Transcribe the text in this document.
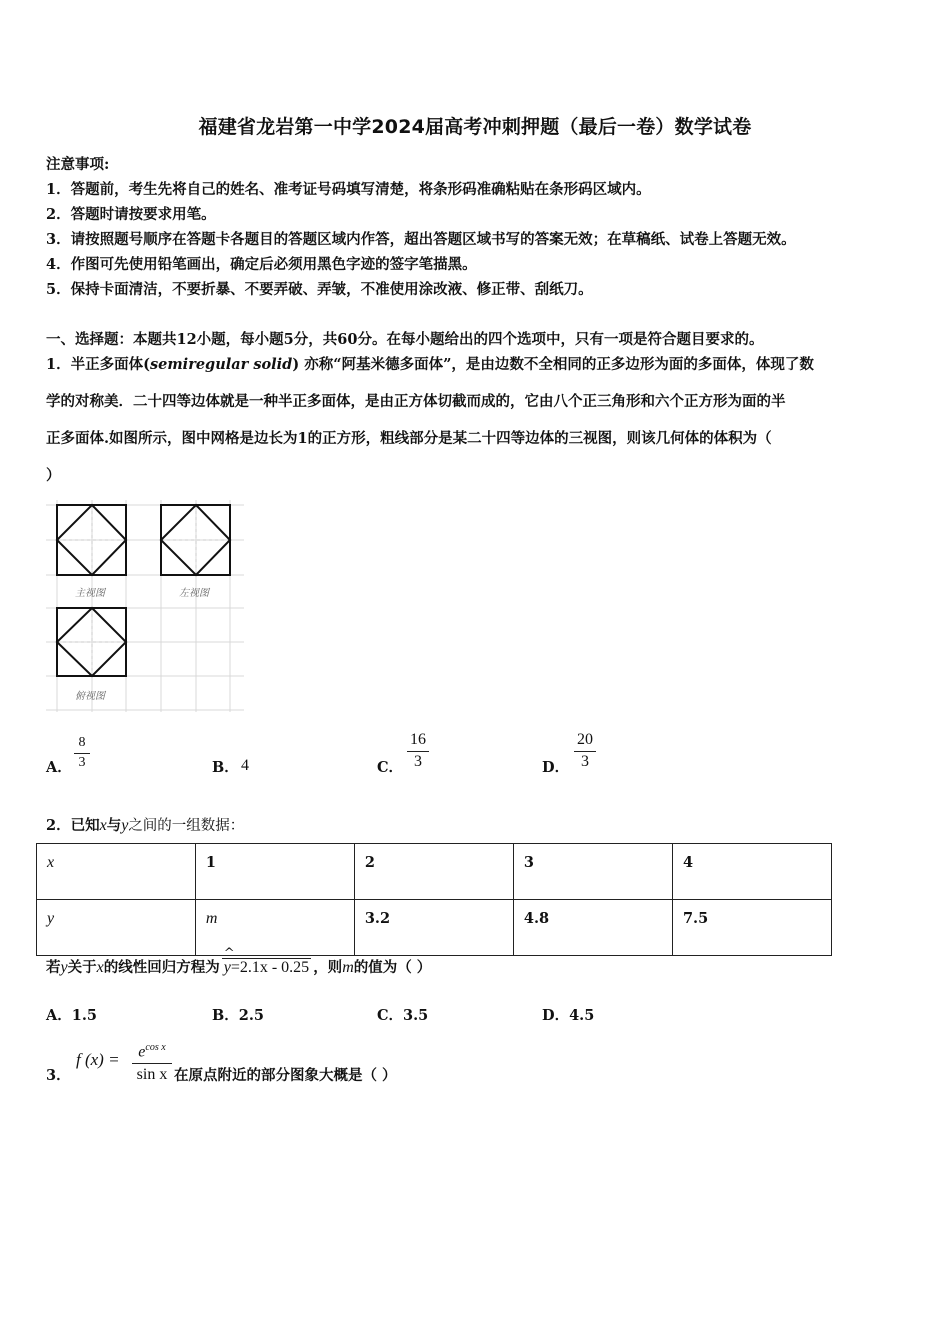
福建省龙岩第一中学2024届高考冲刺押题（最后一卷）数学试卷
注意事项:
1．答题前，考生先将自己的姓名、准考证号码填写清楚，将条形码准确粘贴在条形码区域内。
2．答题时请按要求用笔。
3．请按照题号顺序在答题卡各题目的答题区域内作答，超出答题区域书写的答案无效；在草稿纸、试卷上答题无效。
4．作图可先使用铅笔画出，确定后必须用黑色字迹的签字笔描黑。
5．保持卡面清洁，不要折暴、不要弄破、弄皱，不准使用涂改液、修正带、刮纸刀。
一、选择题：本题共12小题，每小题5分，共60分。在每小题给出的四个选项中，只有一项是符合题目要求的。
1．半正多面体(semiregular solid) 亦称“阿基米德多面体”，是由边数不全相同的正多边形为面的多面体，体现了数
学的对称美．二十四等边体就是一种半正多面体，是由正方体切截而成的，它由八个正三角形和六个正方形为面的半
正多面体.如图所示，图中网格是边长为1的正方形，粗线部分是某二十四等边体的三视图，则该几何体的体积为（
）
主视图	左视图
俯视图
A．
8
3	B． 4	C．
16
3	D．
20
3
2．已知x与y之间的一组数据：
x	1	2	3	4
y	m	3.2	4.8	7.5
若y关于x的线性回归方程为
^
y=2.1x - 0.25 ，则m的值为（ ）
A．1.5	B．2.5	C．3.5	D．4.5
3．
f (x) =	$e^{cos x}$
sin x 在原点附近的部分图象大概是（ ）
